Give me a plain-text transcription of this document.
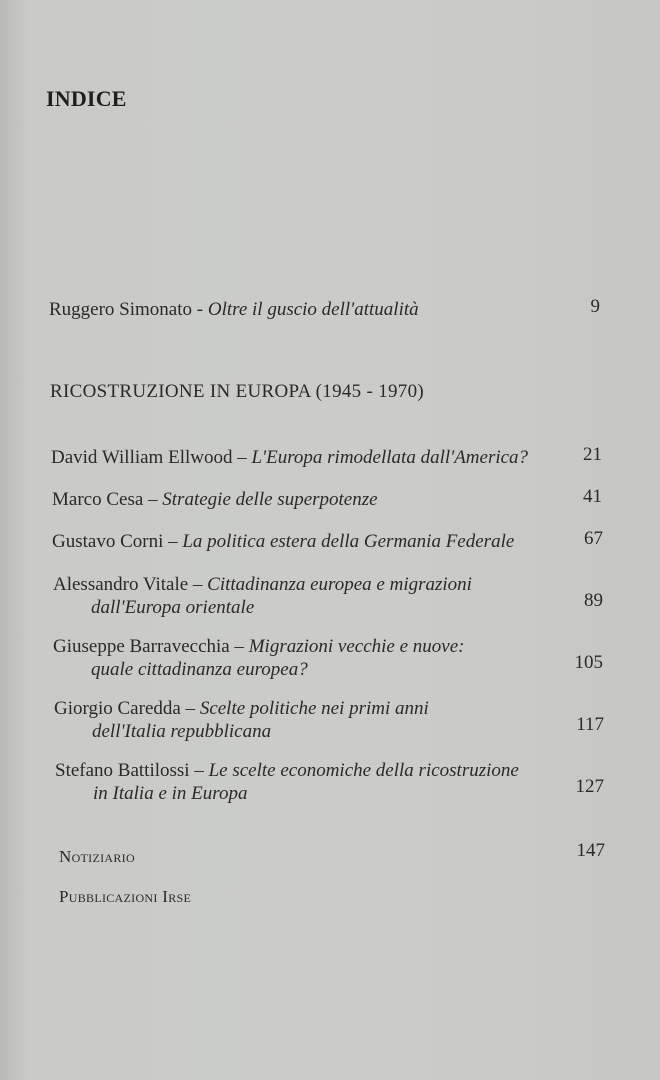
INDICE
Ruggero Simonato - Oltre il guscio dell'attualità	9
RICOSTRUZIONE IN EUROPA (1945 - 1970)
David William Ellwood – L'Europa rimodellata dall'America?	21
Marco Cesa – Strategie delle superpotenze	41
Gustavo Corni – La politica estera della Germania Federale	67
Alessandro Vitale – Cittadinanza europea e migrazioni
dall'Europa orientale	89
Giuseppe Barravecchia – Migrazioni vecchie e nuove:
quale cittadinanza europea?	105
Giorgio Caredda – Scelte politiche nei primi anni
dell'Italia repubblicana	117
Stefano Battilossi – Le scelte economiche della ricostruzione
in Italia e in Europa	127
Notiziario	147
Pubblicazioni Irse
